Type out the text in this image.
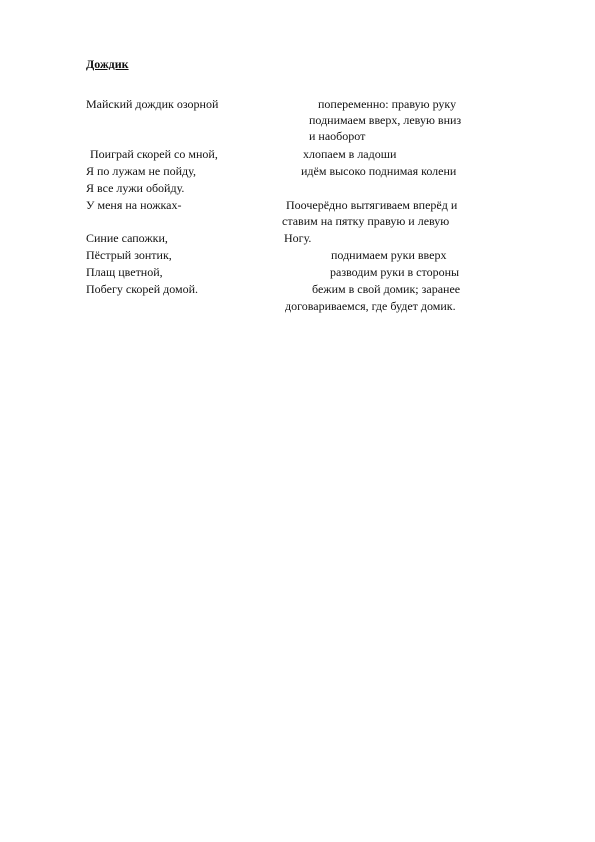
Дождик
Майский дождик озорной
Поиграй скорей со мной,
Я по лужам не пойду,
Я все лужи обойду.
У меня на ножках-
Синие сапожки,
Пёстрый зонтик,
Плащ цветной,
Побегу скорей домой.
попеременно: правую руку
поднимаем вверх, левую вниз
и наоборот
хлопаем в ладоши
идём высоко поднимая колени
Поочерёдно вытягиваем вперёд и
ставим на пятку правую и левую
Ногу.
поднимаем руки вверх
разводим руки в стороны
бежим в свой домик; заранее
договариваемся, где будет домик.
